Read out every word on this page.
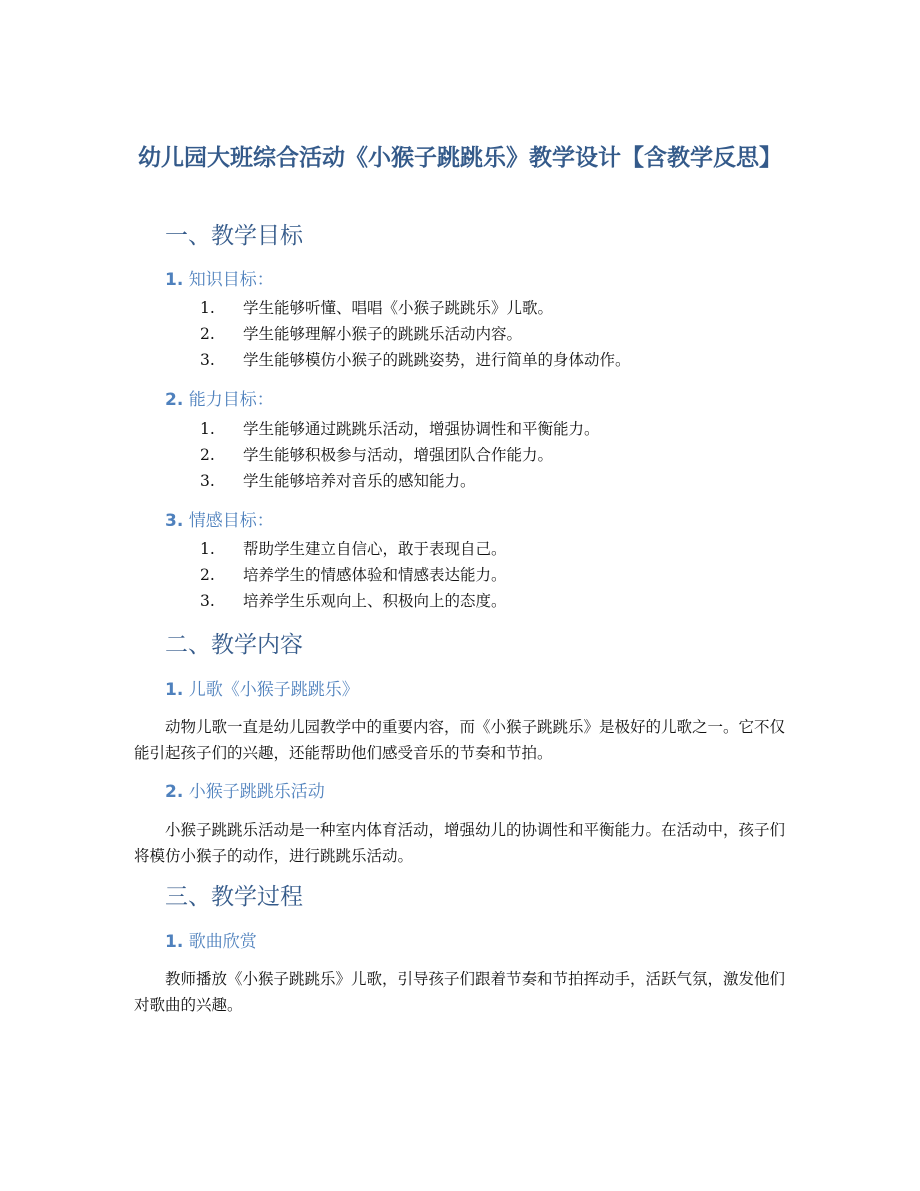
幼儿园大班综合活动《小猴子跳跳乐》教学设计【含教学反思】
一、教学目标
1. 知识目标：
1.	学生能够听懂、唱唱《小猴子跳跳乐》儿歌。
2.	学生能够理解小猴子的跳跳乐活动内容。
3.	学生能够模仿小猴子的跳跳姿势，进行简单的身体动作。
2. 能力目标：
1.	学生能够通过跳跳乐活动，增强协调性和平衡能力。
2.	学生能够积极参与活动，增强团队合作能力。
3.	学生能够培养对音乐的感知能力。
3. 情感目标：
1.	帮助学生建立自信心，敢于表现自己。
2.	培养学生的情感体验和情感表达能力。
3.	培养学生乐观向上、积极向上的态度。
二、教学内容
1. 儿歌《小猴子跳跳乐》

动物儿歌一直是幼儿园教学中的重要内容，而《小猴子跳跳乐》是极好的儿歌之一。它不仅能引起孩子们的兴趣，还能帮助他们感受音乐的节奏和节拍。

2. 小猴子跳跳乐活动

小猴子跳跳乐活动是一种室内体育活动，增强幼儿的协调性和平衡能力。在活动中，孩子们将模仿小猴子的动作，进行跳跳乐活动。

三、教学过程
1. 歌曲欣赏

教师播放《小猴子跳跳乐》儿歌，引导孩子们跟着节奏和节拍挥动手，活跃气氛，激发他们对歌曲的兴趣。
